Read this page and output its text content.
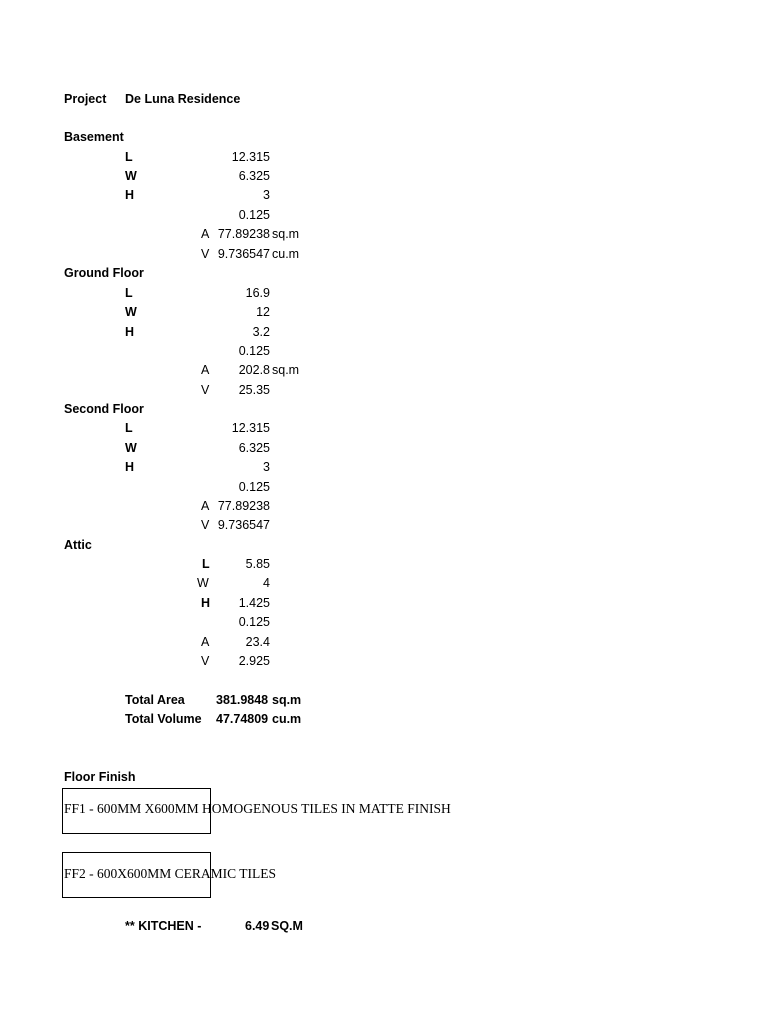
Project De Luna Residence
Basement
L	12.315
W	6.325
H	3
0.125
A 77.89238 sq.m
V 9.736547 cu.m
Ground Floor
L	16.9
W	12
H	3.2
0.125
A	202.8 sq.m
V	25.35
Second Floor
L	12.315
W	6.325
H	3
0.125
A 77.89238
V 9.736547
Attic
L	5.85
W	4
H	1.425
0.125
A	23.4
V	2.925
Total Area	381.9848 sq.m
Total Volume 47.74809 cu.m
Floor Finish
FF1 - 600MM X600MM HOMOGENOUS TILES IN MATTE FINISH
FF2 - 600X600MM CERAMIC TILES
** KITCHEN -	6.49 SQ.M
